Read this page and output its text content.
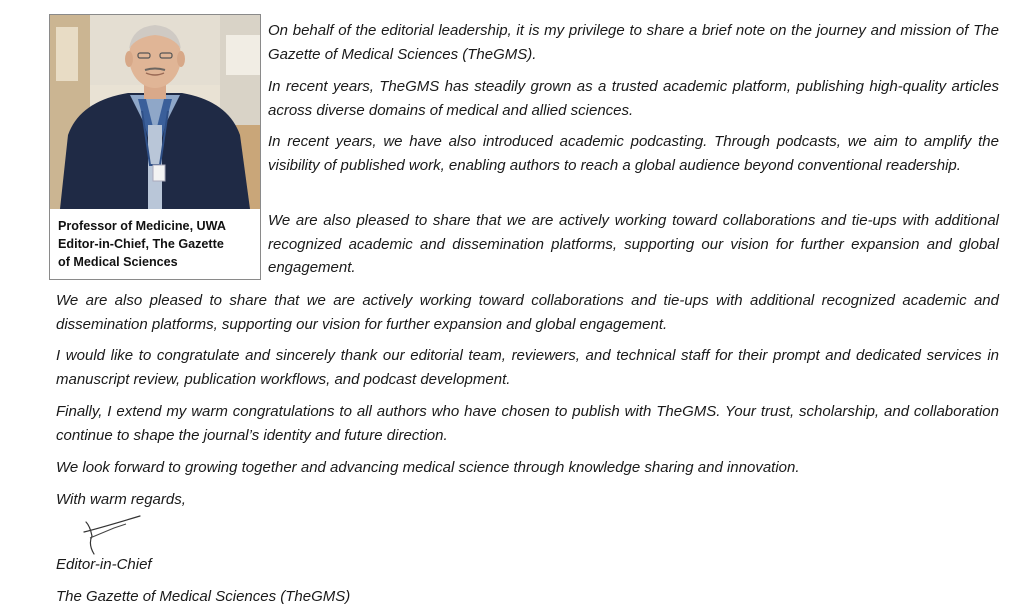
Professor of Medicine, UWA
Editor-in-Chief, The Gazette
of Medical Sciences

On behalf of the editorial leadership, it is my privilege to share a brief note on the journey and mission of The Gazette of Medical Sciences (TheGMS).

In recent years, TheGMS has steadily grown as a trusted academic platform, publishing high-quality articles across diverse domains of medical and allied sciences.

In recent years, we have also introduced academic podcasting. Through podcasts, we aim to amplify the visibility of published work, enabling authors to reach a global audience beyond conventional readership.

We are also pleased to share that we are actively working toward collaborations and tie-ups with additional recognized academic and dissemination platforms, supporting our vision for further expansion and global engagement.

We are also pleased to share that we are actively working toward collaborations and tie-ups with additional recognized academic and dissemination platforms, supporting our vision for further expansion and global engagement.

I would like to congratulate and sincerely thank our editorial team, reviewers, and technical staff for their prompt and dedicated services in manuscript review, publication workflows, and podcast development.

Finally, I extend my warm congratulations to all authors who have chosen to publish with TheGMS. Your trust, scholarship, and collaboration continue to shape the journal’s identity and future direction.

We look forward to growing together and advancing medical science through knowledge sharing and innovation.

With warm regards,

Editor-in-Chief

The Gazette of Medical Sciences (TheGMS)
